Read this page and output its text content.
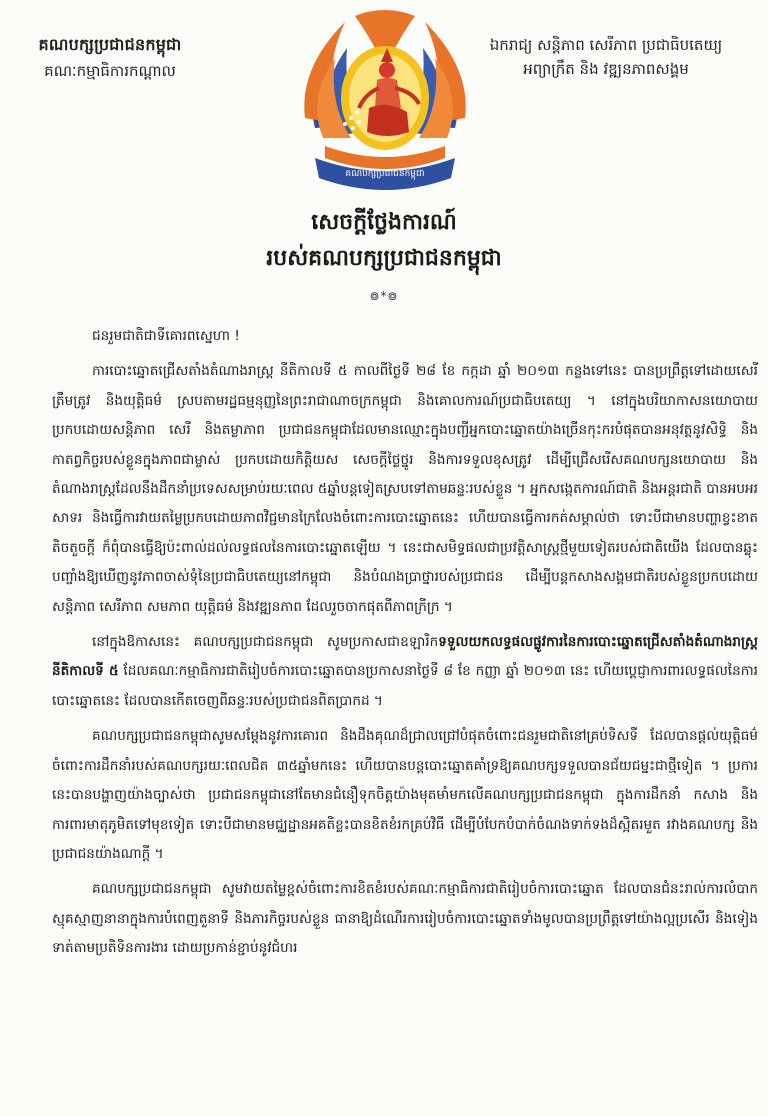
គណបក្សប្រជាជនកម្ពុជា
គណៈកម្មាធិការកណ្ដាល
ឯករាជ្យ សន្តិភាព សេរីភាព ប្រជាធិបតេយ្យ
អព្យាក្រឹត និង វឌ្ឍនភាពសង្គម
គណបក្សប្រជាជនកម្ពុជា
សេចក្ដីថ្លែងការណ៍
របស់គណបក្សប្រជាជនកម្ពុជា
៙*៙

ជនរួមជាតិជាទីគោរពស្នេហា !

ការបោះឆ្នោតជ្រើសតាំងតំណាងរាស្ត្រ នីតិកាលទី ៥ កាលពីថ្ងៃទី ២៨ ខែ កក្កដា ឆ្នាំ ២០១៣ កន្លងទៅនេះ បានប្រព្រឹត្តទៅដោយសេរី ត្រឹមត្រូវ និងយុត្តិធម៌ ស្របតាមរដ្ឋធម្មនុញ្ញនៃព្រះរាជាណាចក្រកម្ពុជា និងគោលការណ៍ប្រជាធិបតេយ្យ ។ នៅក្នុងបរិយាកាសនយោបាយប្រកបដោយសន្តិភាព សេរី និងតម្លាភាព ប្រជាជនកម្ពុជាដែលមានឈ្មោះក្នុងបញ្ជីអ្នកបោះឆ្នោតយ៉ាងច្រើនកុះករបំផុតបានអនុវត្តនូវសិទ្ធិ និងកាតព្វកិច្ចរបស់ខ្លួនក្នុងភាពជាម្ចាស់ ប្រកបដោយកិត្តិយស សេចក្ដីថ្លៃថ្នូរ និងការទទួលខុសត្រូវ ដើម្បីជ្រើសរើសគណបក្សនយោបាយ និងតំណាងរាស្ត្រដែលនឹងដឹកនាំប្រទេសសម្រាប់រយៈពេល ៥ឆ្នាំបន្តទៀតស្របទៅតាមឆន្ទៈរបស់ខ្លួន ។ អ្នកសង្កេតការណ៍ជាតិ និងអន្តរជាតិ បានអបអរសាទរ និងធ្វើការវាយតម្លៃប្រកបដោយភាពវិជ្ជមានក្រៃលែងចំពោះការបោះឆ្នោតនេះ ហើយបានធ្វើការកត់សម្គាល់ថា ទោះបីជាមានបញ្ហាខ្វះខាតតិចតួចក្ដី ក៏ពុំបានធ្វើឱ្យប៉ះពាល់ដល់លទ្ធផលនៃការបោះឆ្នោតឡើយ ។ នេះជាសមិទ្ធផលជាប្រវត្តិសាស្ត្រថ្មីមួយទៀតរបស់ជាតិយើង ដែលបានឆ្លុះបញ្ចាំងឱ្យឃើញនូវភាពចាស់ទុំនៃប្រជាធិបតេយ្យនៅកម្ពុជា និងបំណងប្រាថ្នារបស់ប្រជាជន ដើម្បីបន្តកសាងសង្គមជាតិរបស់ខ្លួនប្រកបដោយសន្តិភាព សេរីភាព សមភាព យុត្តិធម៌ និងវឌ្ឍនភាព ដែលរួចចាកផុតពីភាពក្រីក្រ ។

នៅក្នុងឱកាសនេះ គណបក្សប្រជាជនកម្ពុជា សូមប្រកាសជាឧឡារិកទទួលយកលទ្ធផលផ្លូវការនៃការបោះឆ្នោតជ្រើសតាំងតំណាងរាស្ត្រ នីតិកាលទី ៥ ដែលគណៈកម្មាធិការជាតិរៀបចំការបោះឆ្នោតបានប្រកាសនាថ្ងៃទី ៨ ខែ កញ្ញា ឆ្នាំ ២០១៣ នេះ ហើយប្ដេជ្ញាការពារលទ្ធផលនៃការបោះឆ្នោតនេះ ដែលបានកើតចេញពីឆន្ទៈរបស់ប្រជាជនពិតប្រាកដ ។

គណបក្សប្រជាជនកម្ពុជាសូមសម្ដែងនូវការគោរព និងដឹងគុណដ៏ជ្រាលជ្រៅបំផុតចំពោះជនរួមជាតិនៅគ្រប់ទិសទី ដែលបានផ្ដល់យុត្តិធម៌ចំពោះការដឹកនាំរបស់គណបក្សរយៈពេលជិត ៣៥ឆ្នាំមកនេះ ហើយបានបន្តបោះឆ្នោតគាំទ្រឱ្យគណបក្សទទួលបានជ័យជម្នះជាថ្មីទៀត ។ ប្រការនេះបានបង្ហាញយ៉ាងច្បាស់ថា ប្រជាជនកម្ពុជានៅតែមានជំនឿទុកចិត្តយ៉ាងមុតមាំមកលើគណបក្សប្រជាជនកម្ពុជា ក្នុងការដឹកនាំ កសាង និងការពារមាតុភូមិតទៅមុខទៀត ទោះបីជាមានមជ្ឈដ្ឋានអគតិខ្លះបានខិតខំរកគ្រប់វិធី ដើម្បីបំបែកបំបាក់ចំណងទាក់ទងដ៏ស្អិតរមួត រវាងគណបក្ស និងប្រជាជនយ៉ាងណាក្ដី ។

គណបក្សប្រជាជនកម្ពុជា សូមវាយតម្លៃខ្ពស់ចំពោះការខិតខំរបស់គណៈកម្មាធិការជាតិរៀបចំការបោះឆ្នោត ដែលបានជំនះរាល់ការលំបាកស្មុគស្មាញនានាក្នុងការបំពេញតួនាទី និងភារកិច្ចរបស់ខ្លួន ធានាឱ្យដំណើរការរៀបចំការបោះឆ្នោតទាំងមូលបានប្រព្រឹត្តទៅយ៉ាងល្អប្រសើរ និងទៀងទាត់តាមប្រតិទិនការងារ ដោយប្រកាន់ខ្ជាប់នូវជំហរ
